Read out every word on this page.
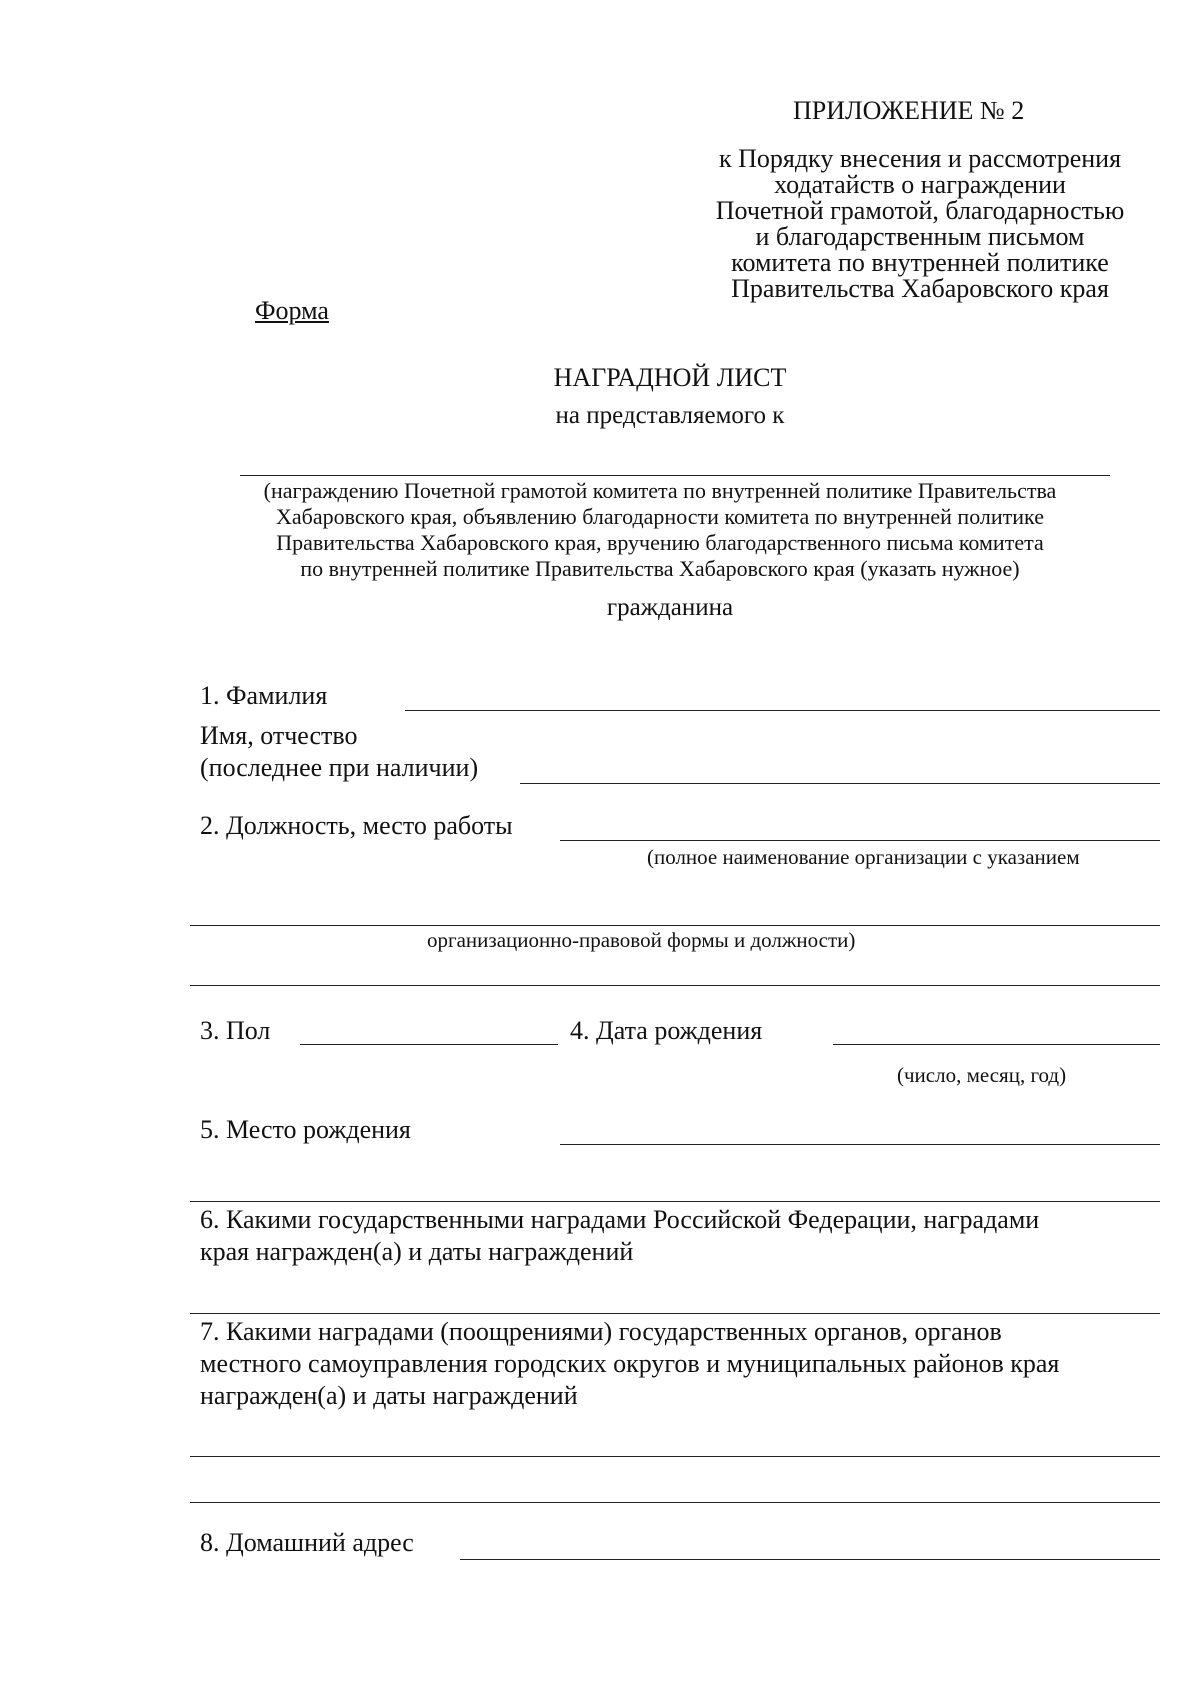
ПРИЛОЖЕНИЕ № 2
к Порядку внесения и рассмотрения
ходатайств о награждении
Почетной грамотой, благодарностью
и благодарственным письмом
комитета по внутренней политике
Правительства Хабаровского края
Форма
НАГРАДНОЙ ЛИСТ
на представляемого к
(награждению Почетной грамотой комитета по внутренней политике Правительства
Хабаровского края, объявлению благодарности комитета по внутренней политике
Правительства Хабаровского края, вручению благодарственного письма комитета
по внутренней политике Правительства Хабаровского края (указать нужное)
гражданина
1. Фамилия
Имя, отчество
(последнее при наличии)
2. Должность, место работы
(полное наименование организации с указанием
организационно-правовой формы и должности)
3. Пол	4. Дата рождения
(число, месяц, год)
5. Место рождения
6. Какими государственными наградами Российской Федерации, наградами
края награжден(а) и даты награждений
7. Какими наградами (поощрениями) государственных органов, органов
местного самоуправления городских округов и муниципальных районов края
награжден(а) и даты награждений
8. Домашний адрес
